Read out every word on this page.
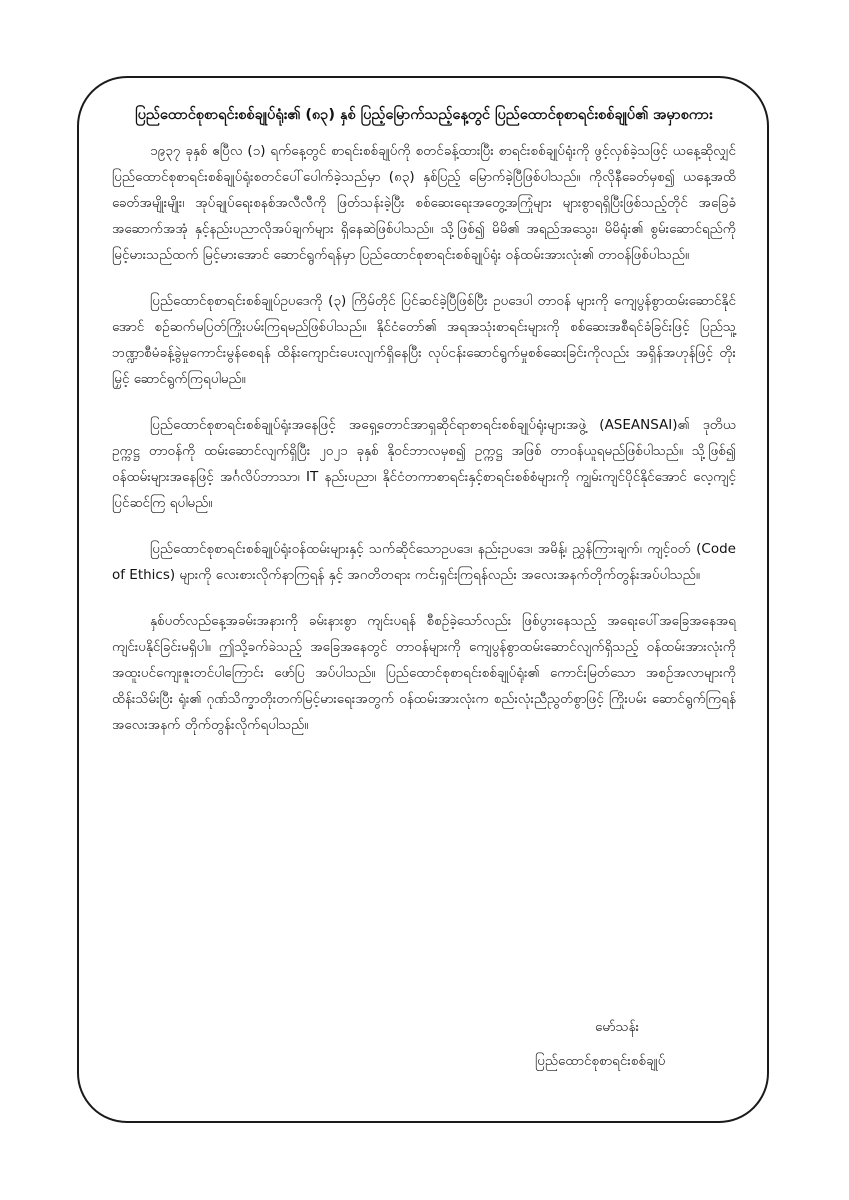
ပြည်ထောင်စုစာရင်းစစ်ချုပ်ရုံး၏ (၈၃) နှစ် ပြည့်မြောက်သည့်နေ့တွင် ပြည်ထောင်စုစာရင်းစစ်ချုပ်၏ အမှာစကား

၁၉၃၇ ခုနှစ် ဧပြီလ (၁) ရက်နေ့တွင် စာရင်းစစ်ချုပ်ကို စတင်ခန့်ထားပြီး စာရင်းစစ်ချုပ်ရုံးကို ဖွင့်လှစ်ခဲ့သဖြင့် ယနေ့ဆိုလျှင် ပြည်ထောင်စုစာရင်းစစ်ချုပ်ရုံးစတင်ပေါ်ပေါက်ခဲ့သည်မှာ (၈၃) နှစ်ပြည့် မြောက်ခဲ့ပြီဖြစ်ပါသည်။ ကိုလိုနီခေတ်မှစ၍ ယနေ့အထိ ခေတ်အမျိုးမျိုး၊ အုပ်ချုပ်ရေးစနစ်အလီလီကို ဖြတ်သန်းခဲ့ပြီး စစ်ဆေးရေးအတွေ့အကြုံများ များစွာရရှိပြီးဖြစ်သည့်တိုင် အခြေခံအဆောက်အအုံ နှင့်နည်းပညာလိုအပ်ချက်များ ရှိနေဆဲဖြစ်ပါသည်။ သို့ဖြစ်၍ မိမိ၏ အရည်အသွေး၊ မိမိရုံး၏ စွမ်းဆောင်ရည်ကို မြင့်မားသည်ထက် မြင့်မားအောင် ဆောင်ရွက်ရန်မှာ ပြည်ထောင်စုစာရင်းစစ်ချုပ်ရုံး ဝန်ထမ်းအားလုံး၏ တာဝန်ဖြစ်ပါသည်။

ပြည်ထောင်စုစာရင်းစစ်ချုပ်ဥပဒေကို (၃) ကြိမ်တိုင် ပြင်ဆင်ခဲ့ပြီဖြစ်ပြီး ဥပဒေပါ တာဝန် များကို ကျေပွန်စွာထမ်းဆောင်နိုင်အောင် စဉ်ဆက်မပြတ်ကြိုးပမ်းကြရမည်ဖြစ်ပါသည်။ နိုင်ငံတော်၏ အရအသုံးစာရင်းများကို စစ်ဆေးအစီရင်ခံခြင်းဖြင့် ပြည်သူ့ဘဏ္ဍာစီမံခန့်ခွဲမှုကောင်းမွန်စေရန် ထိန်းကျောင်းပေးလျက်ရှိနေပြီး လုပ်ငန်းဆောင်ရွက်မှုစစ်ဆေးခြင်းကိုလည်း အရှိန်အဟုန်ဖြင့် တိုးမြှင့် ဆောင်ရွက်ကြရပါမည်။

ပြည်ထောင်စုစာရင်းစစ်ချုပ်ရုံးအနေဖြင့် အရှေ့တောင်အာရှဆိုင်ရာစာရင်းစစ်ချုပ်ရုံးများအဖွဲ့ (ASEANSAI)၏ ဒုတိယဥက္ကဋ္ဌ တာဝန်ကို ထမ်းဆောင်လျက်ရှိပြီး ၂၀၂၁ ခုနှစ် နိုဝင်ဘာလမှစ၍ ဥက္ကဋ္ဌ အဖြစ် တာဝန်ယူရမည်ဖြစ်ပါသည်။ သို့ဖြစ်၍ ဝန်ထမ်းများအနေဖြင့် အင်္ဂလိပ်ဘာသာ၊ IT နည်းပညာ၊ နိုင်ငံတကာစာရင်းနှင့်စာရင်းစစ်စံများကို ကျွမ်းကျင်ပိုင်နိုင်အောင် လေ့ကျင့်ပြင်ဆင်ကြ ရပါမည်။

ပြည်ထောင်စုစာရင်းစစ်ချုပ်ရုံးဝန်ထမ်းများနှင့် သက်ဆိုင်သောဥပဒေ၊ နည်းဥပဒေ၊ အမိန့်၊ ညွှန်ကြားချက်၊ ကျင့်ဝတ် (Code of Ethics) များကို လေးစားလိုက်နာကြရန် နှင့် အဂတိတရား ကင်းရှင်းကြရန်လည်း အလေးအနက်တိုက်တွန်းအပ်ပါသည်။

နှစ်ပတ်လည်နေ့အခမ်းအနားကို ခမ်းနားစွာ ကျင်းပရန် စီစဉ်ခဲ့သော်လည်း ဖြစ်ပွားနေသည့် အရေးပေါ်အခြေအနေအရ ကျင်းပနိုင်ခြင်းမရှိပါ။ ဤသို့ခက်ခဲသည့် အခြေအနေတွင် တာဝန်များကို ကျေပွန်စွာထမ်းဆောင်လျက်ရှိသည့် ဝန်ထမ်းအားလုံးကို အထူးပင်ကျေးဇူးတင်ပါကြောင်း ဖော်ပြ အပ်ပါသည်။ ပြည်ထောင်စုစာရင်းစစ်ချုပ်ရုံး၏ ကောင်းမြတ်သော အစဉ်အလာများကို ထိန်းသိမ်းပြီး ရုံး၏ ဂုဏ်သိက္ခာတိုးတက်မြင့်မားရေးအတွက် ဝန်ထမ်းအားလုံးက စည်းလုံးညီညွတ်စွာဖြင့် ကြိုးပမ်း ဆောင်ရွက်ကြရန် အလေးအနက် တိုက်တွန်းလိုက်ရပါသည်။

မော်သန်း
ပြည်ထောင်စုစာရင်းစစ်ချုပ်
